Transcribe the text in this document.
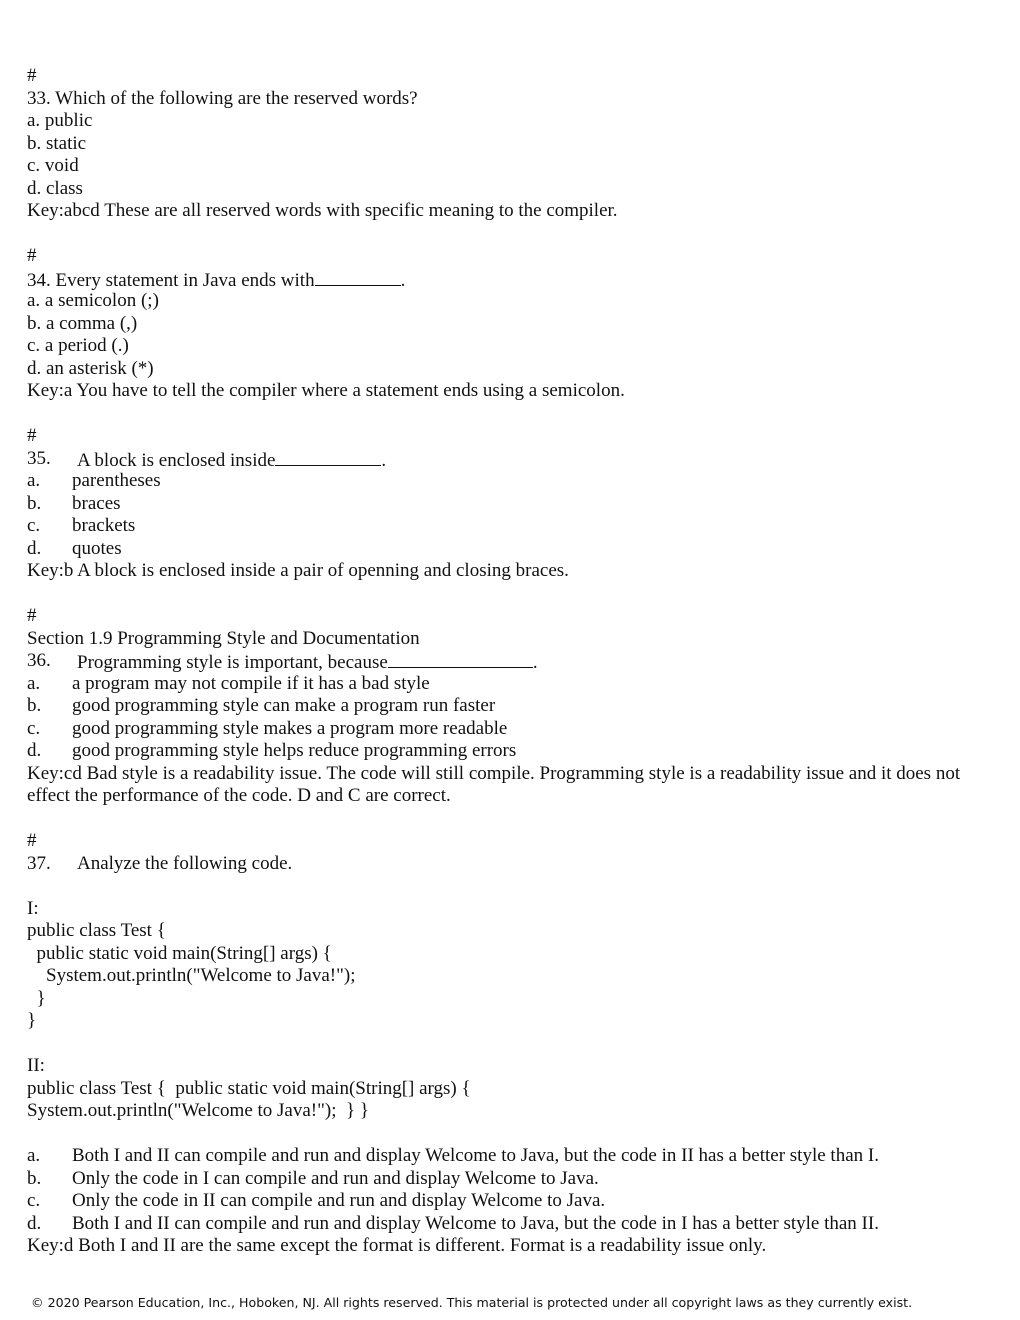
#
33. Which of the following are the reserved words?
a. public
b. static
c. void
d. class
Key:abcd These are all reserved words with specific meaning to the compiler.
#
34. Every statement in Java ends with	.
a. a semicolon (;)
b. a comma (,)
c. a period (.)
d. an asterisk (*)
Key:a You have to tell the compiler where a statement ends using a semicolon.
#
35.	A block is enclosed inside	.
a.	parentheses
b.	braces
c.	brackets
d.	quotes
Key:b A block is enclosed inside a pair of openning and closing braces.
#
Section 1.9 Programming Style and Documentation
36.	Programming style is important, because	.
a.	a program may not compile if it has a bad style
b.	good programming style can make a program run faster
c.	good programming style makes a program more readable
d.	good programming style helps reduce programming errors
Key:cd Bad style is a readability issue. The code will still compile. Programming style is a readability issue and it does not effect the performance of the code. D and C are correct.
#
37.	Analyze the following code.
I:
public class Test {
public static void main(String[] args) {
System.out.println("Welcome to Java!");
}
}
II:
public class Test {  public static void main(String[] args) {
System.out.println("Welcome to Java!");  } }
a.	Both I and II can compile and run and display Welcome to Java, but the code in II has a better style than I.
b.	Only the code in I can compile and run and display Welcome to Java.
c.	Only the code in II can compile and run and display Welcome to Java.
d.	Both I and II can compile and run and display Welcome to Java, but the code in I has a better style than II.
Key:d Both I and II are the same except the format is different. Format is a readability issue only.
© 2020 Pearson Education, Inc., Hoboken, NJ. All rights reserved. This material is protected under all copyright laws as they currently exist.
